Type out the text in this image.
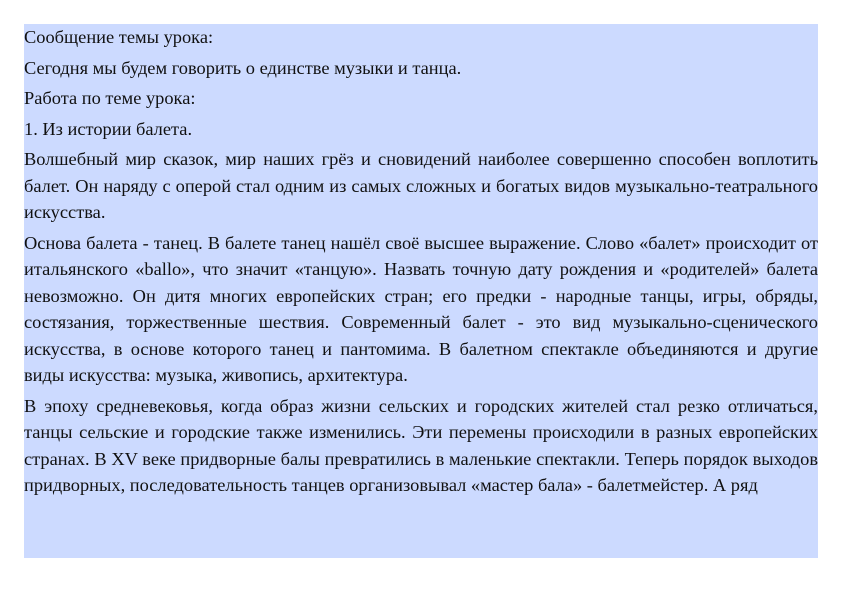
Сообщение темы урока:

Сегодня мы будем говорить о единстве музыки и танца.

Работа по теме урока:

1. Из истории балета.

Волшебный мир сказок, мир наших грёз и сновидений наиболее совершенно способен воплотить балет. Он наряду с оперой стал одним из самых сложных и богатых видов музыкально-театрального искусства.

Основа балета - танец. В балете танец нашёл своё высшее выражение. Слово «балет» происходит от итальянского «ballo», что значит «танцую». Назвать точную дату рождения и «родителей» балета невозможно. Он дитя многих европейских стран; его предки - народные танцы, игры, обряды, состязания, торжественные шествия. Современный балет - это вид музыкально-сценического искусства, в основе которого танец и пантомима. В балетном спектакле объединяются и другие виды искусства: музыка, живопись, архитектура.

В эпоху средневековья, когда образ жизни сельских и городских жителей стал резко отличаться, танцы сельские и городские также изменились. Эти перемены происходили в разных европейских странах. В XV веке придворные балы превратились в маленькие спектакли. Теперь порядок выходов придворных, последовательность танцев организовывал «мастер бала» - балетмейстер. А ряд
